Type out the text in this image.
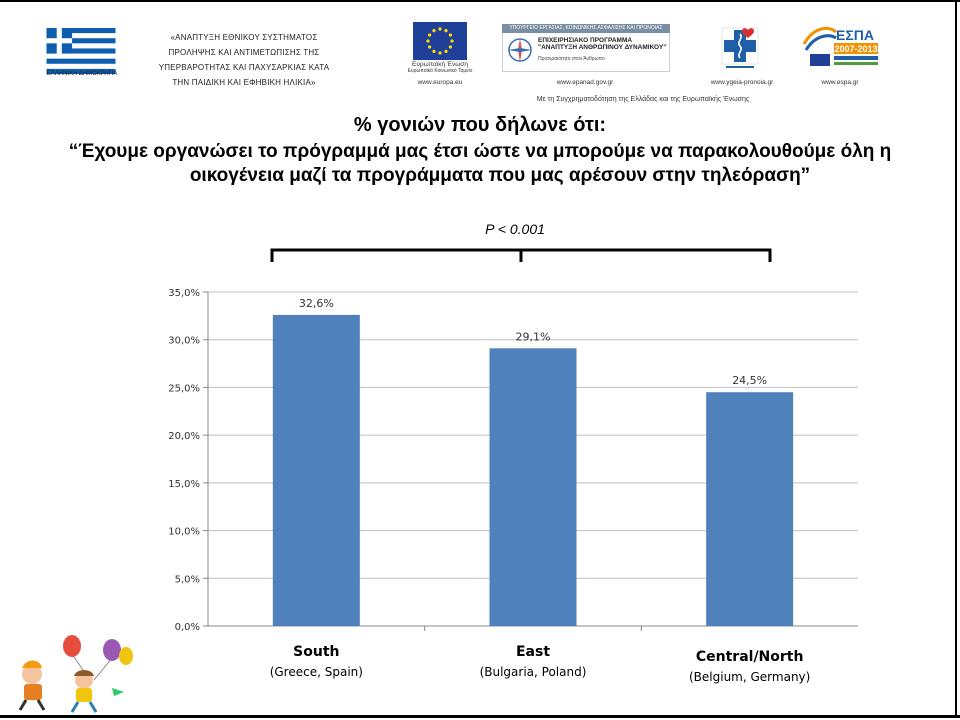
ΕΛΛΗΝΙΚΗ ΔΗΜΟΚΡΑΤΙΑ
«ΑΝΑΠΤΥΞΗ ΕΘΝΙΚΟΥ ΣΥΣΤΗΜΑΤΟΣ
ΠΡΟΛΗΨΗΣ ΚΑΙ ΑΝΤΙΜΕΤΩΠΙΣΗΣ ΤΗΣ
ΥΠΕΡΒΑΡΟΤΗΤΑΣ ΚΑΙ ΠΑΧΥΣΑΡΚΙΑΣ ΚΑΤΑ
ΤΗΝ ΠΑΙΔΙΚΗ ΚΑΙ ΕΦΗΒΙΚΗ ΗΛΙΚΙΑ»
Ευρωπαϊκή Ένωση
Ευρωπαϊκό Κοινωνικό Ταμείο
www.europa.eu
ΥΠΟΥΡΓΕΙΟ ΕΡΓΑΣΙΑΣ, ΚΟΙΝΩΝΙΚΗΣ ΑΣΦΑΛΙΣΗΣ ΚΑΙ ΠΡΟΝΟΙΑΣ
ΕΠΙΧΕΙΡΗΣΙΑΚΟ ΠΡΟΓΡΑΜΜΑ
"ΑΝΑΠΤΥΞΗ ΑΝΘΡΩΠΙΝΟΥ ΔΥΝΑΜΙΚΟΥ"
Προτεραιότητα στον Άνθρωπο
www.epanad.gov.gr	www.ygeia-pronoia.gr
ΕΣΠΑ
2007-2013
www.espa.gr
Με τη Συγχρηματοδότηση της Ελλάδας και της Ευρωπαϊκής Ένωσης
% γονιών που δήλωνε ότι:
“Έχουμε οργανώσει το πρόγραμμά μας έτσι ώστε να μπορούμε να παρακολουθούμε όλη η
οικογένεια μαζί τα προγράμματα που μας αρέσουν στην τηλεόραση”
P < 0.001
0,0%
5,0%
10,0%
15,0%
20,0%
25,0%
30,0%
35,0%
32,6%
29,1%
24,5%
South
(Greece, Spain)
East
(Bulgaria, Poland)
Central/North
(Belgium, Germany)
